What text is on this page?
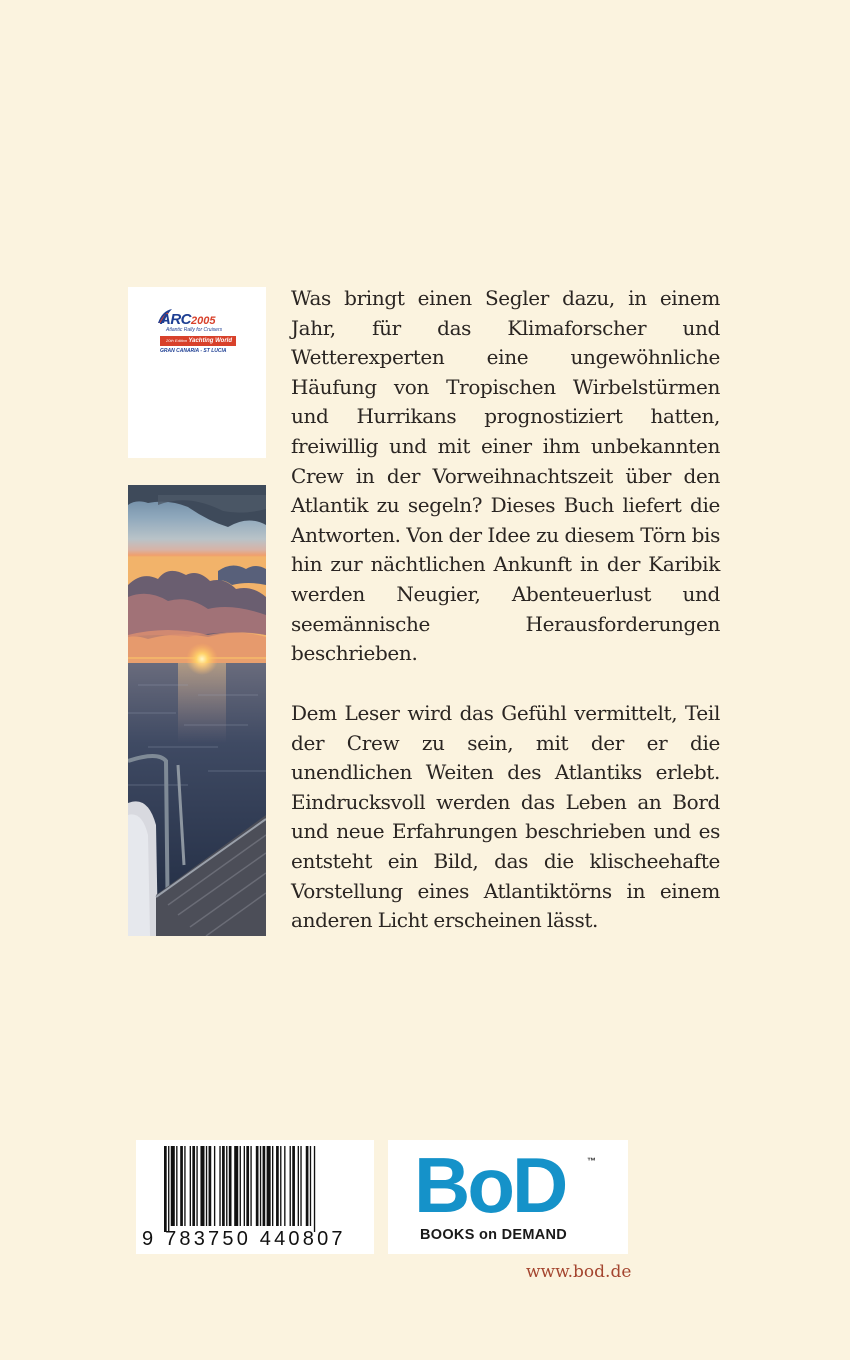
ARC2005
Atlantic Rally for Cruisers
20th Edition Yachting World
GRAN CANARIA - ST LUCIA

Was bringt einen Segler dazu, in einem Jahr, für das Klimaforscher und Wetterexperten eine ungewöhnliche Häufung von Tropischen Wirbelstürmen und Hurrikans prognostiziert hatten, freiwillig und mit einer ihm unbekannten Crew in der Vorweihnachtszeit über den Atlantik zu segeln? Dieses Buch liefert die Antworten. Von der Idee zu diesem Törn bis hin zur nächtlichen Ankunft in der Karibik werden Neugier, Abenteuerlust und seemännische Herausforderungen beschrieben.

Dem Leser wird das Gefühl vermittelt, Teil der Crew zu sein, mit der er die unendlichen Weiten des Atlantiks erlebt. Eindrucksvoll werden das Leben an Bord und neue Erfahrungen beschrieben und es entsteht ein Bild, das die klischeehafte Vorstellung eines Atlantiktörns in einem anderen Licht erscheinen lässt.

9 783750 440807
BoD ™
BOOKS on DEMAND
www.bod.de
